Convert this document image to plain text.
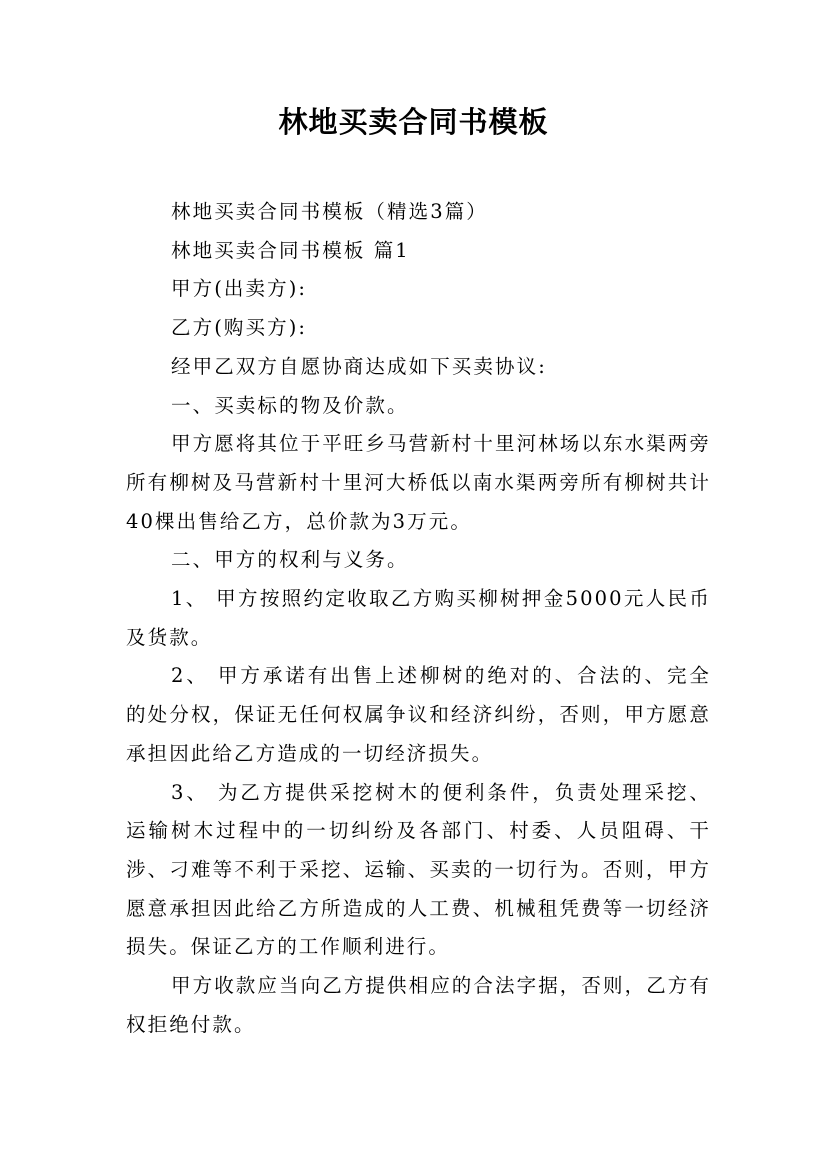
林地买卖合同书模板

林地买卖合同书模板（精选3篇）

林地买卖合同书模板 篇1

甲方(出卖方):

乙方(购买方):

经甲乙双方自愿协商达成如下买卖协议:

一、买卖标的物及价款。

甲方愿将其位于平旺乡马营新村十里河林场以东水渠两旁所有柳树及马营新村十里河大桥低以南水渠两旁所有柳树共计40棵出售给乙方，总价款为3万元。

二、甲方的权利与义务。

1、 甲方按照约定收取乙方购买柳树押金5000元人民币及货款。

2、 甲方承诺有出售上述柳树的绝对的、合法的、完全的处分权，保证无任何权属争议和经济纠纷，否则，甲方愿意承担因此给乙方造成的一切经济损失。

3、 为乙方提供采挖树木的便利条件，负责处理采挖、运输树木过程中的一切纠纷及各部门、村委、人员阻碍、干涉、刁难等不利于采挖、运输、买卖的一切行为。否则，甲方愿意承担因此给乙方所造成的人工费、机械租凭费等一切经济损失。保证乙方的工作顺利进行。

甲方收款应当向乙方提供相应的合法字据，否则，乙方有权拒绝付款。
